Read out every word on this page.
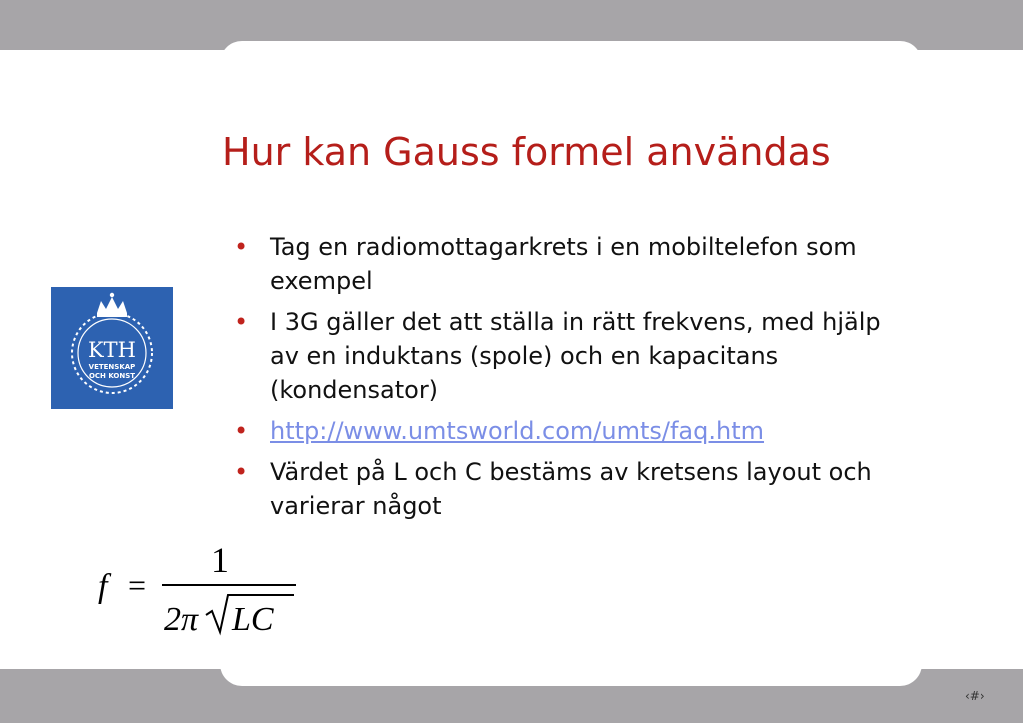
Hur kan Gauss formel användas
• Tag en radiomottagarkrets i en mobiltelefon som exempel
• I 3G gäller det att ställa in rätt frekvens, med hjälp av en induktans (spole) och en kapacitans (kondensator)
• http://www.umtsworld.com/umts/faq.htm
• Värdet på L och C bestäms av kretsens layout och varierar något
KTH
VETENSKAP
OCH KONST
f =
1
2π LC
‹#›
